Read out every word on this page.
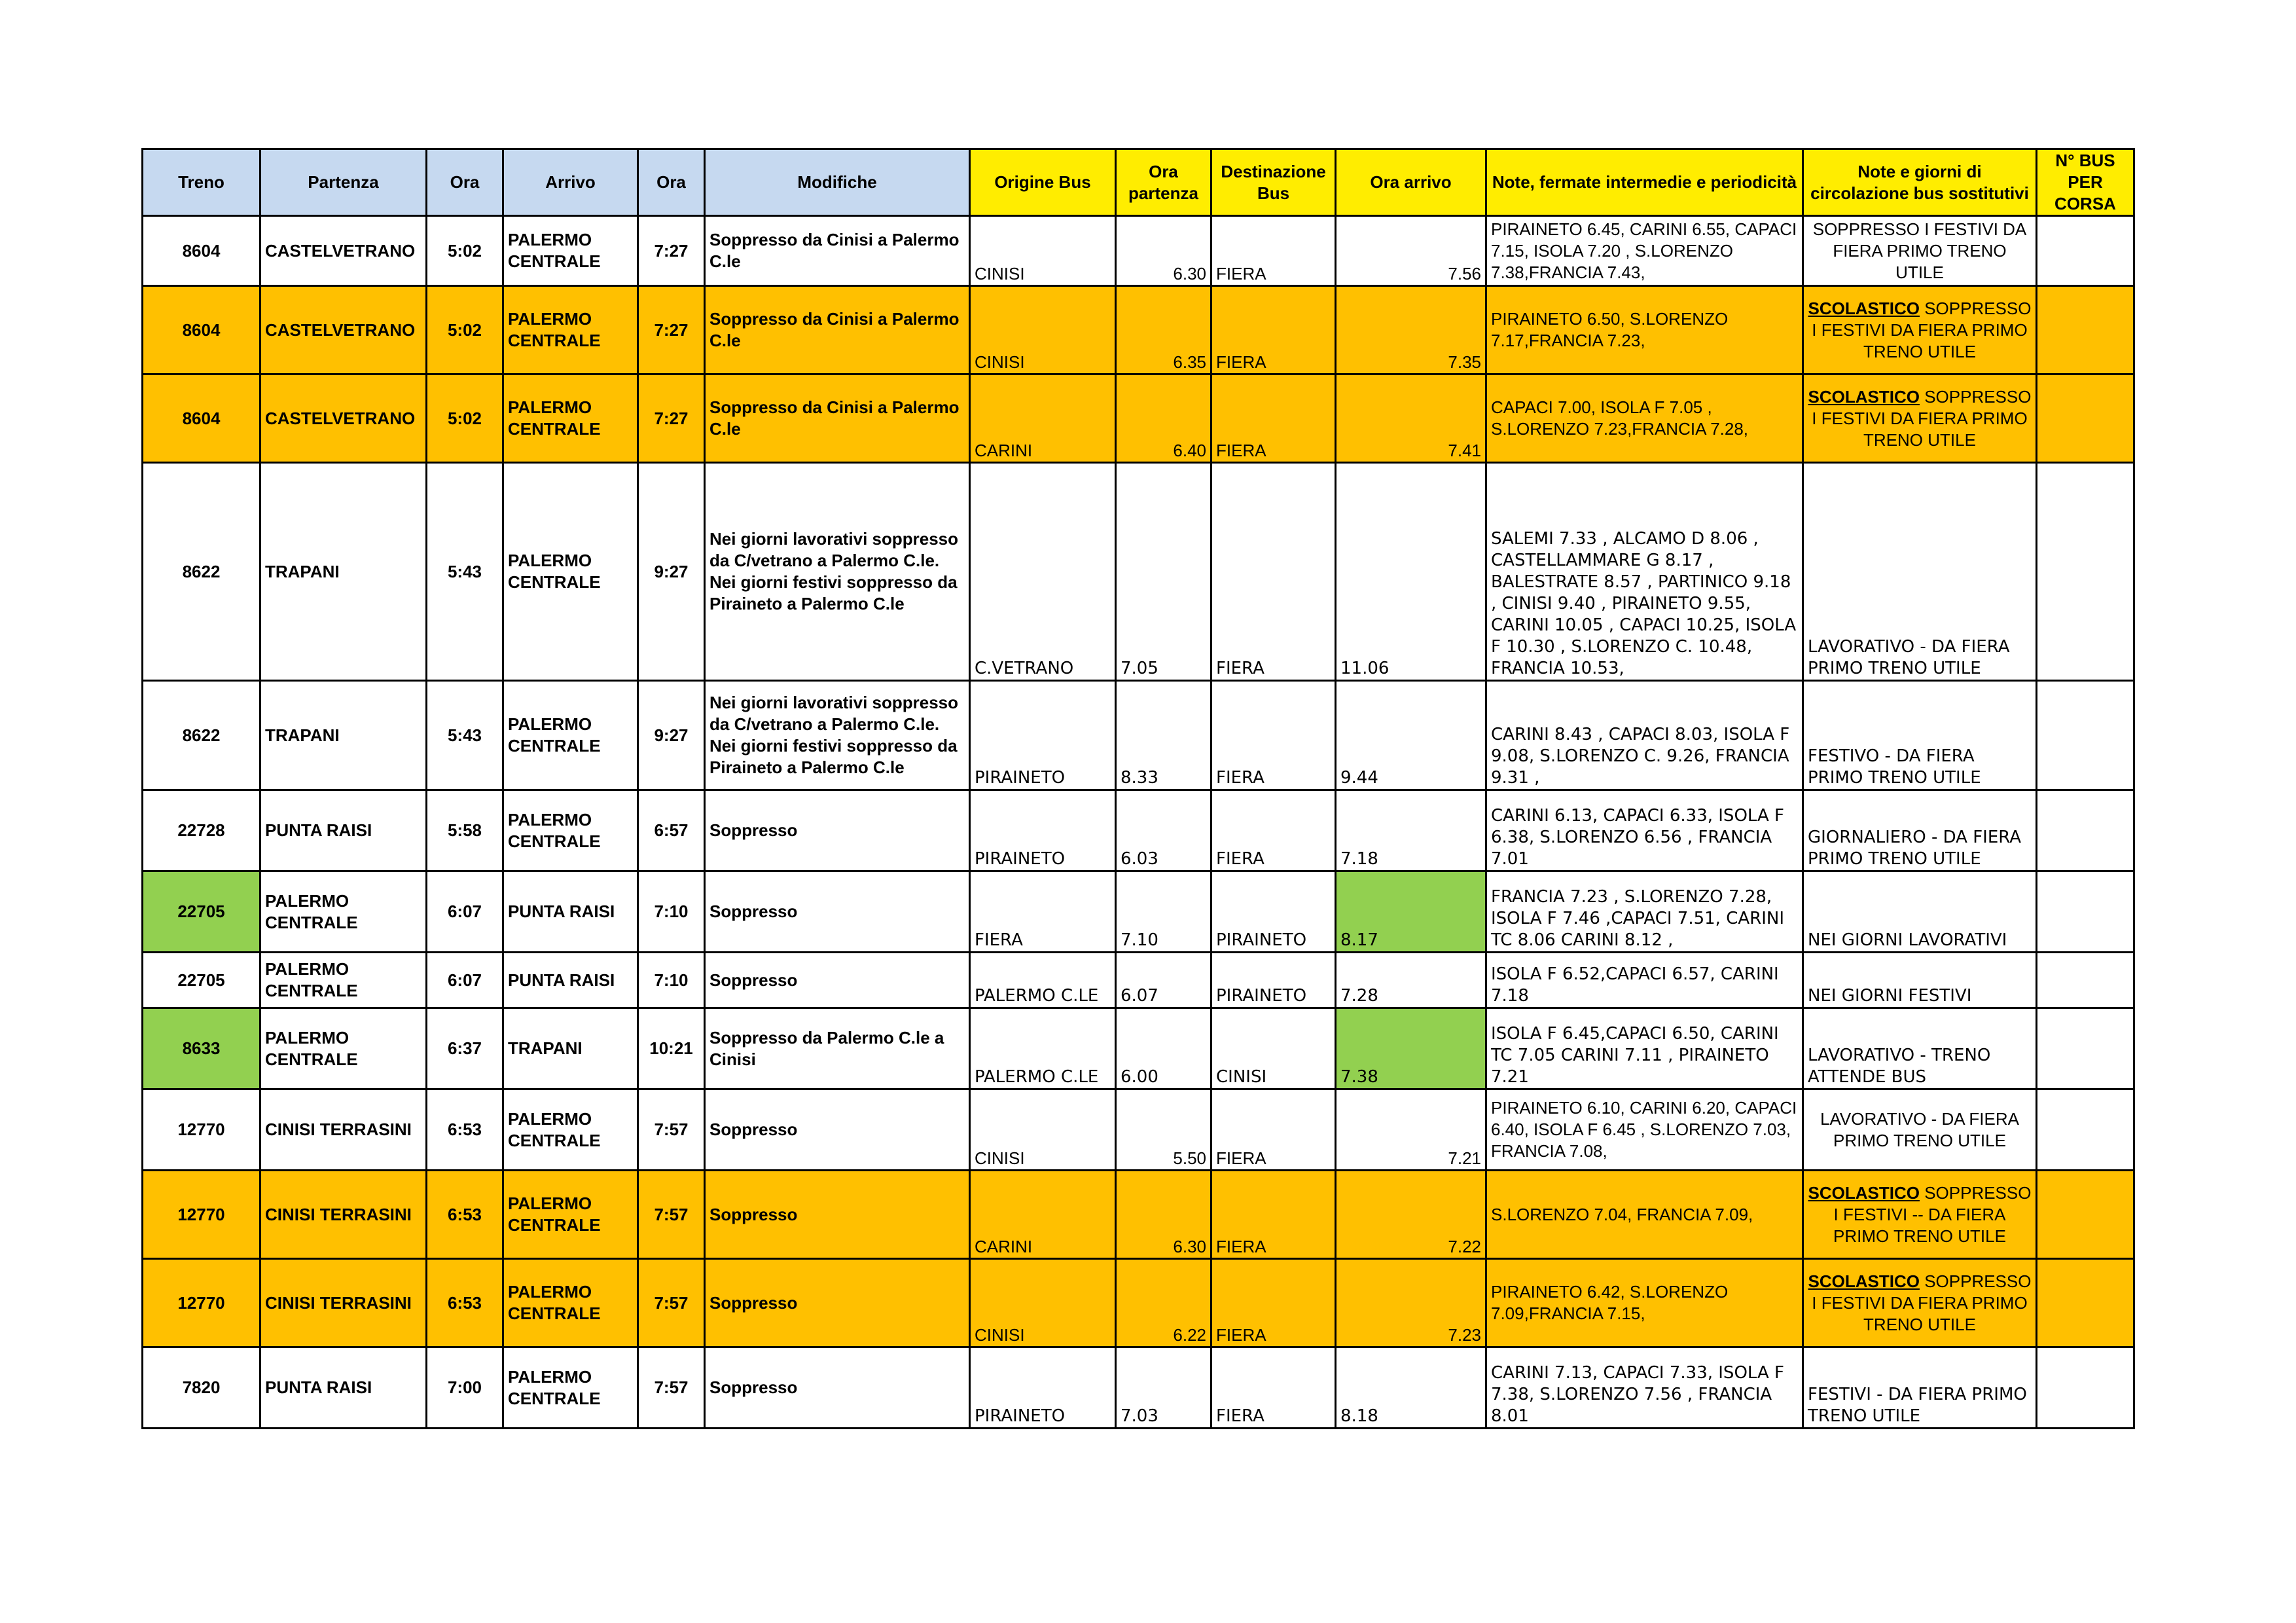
Treno	Partenza	Ora	Arrivo	Ora	Modifiche	Origine Bus	Ora partenza	Destinazione Bus	Ora arrivo	Note, fermate intermedie e periodicità	Note e giorni di circolazione bus sostitutivi	N° BUS PER CORSA
8604	CASTELVETRANO	5:02	PALERMO CENTRALE	7:27	Soppresso da Cinisi a Palermo C.le	CINISI	6.30	FIERA	7.56	PIRAINETO 6.45, CARINI 6.55, CAPACI 7.15, ISOLA 7.20 , S.LORENZO 7.38,FRANCIA 7.43,	SOPPRESSO I FESTIVI DA FIERA PRIMO TRENO UTILE	
8604	CASTELVETRANO	5:02	PALERMO CENTRALE	7:27	Soppresso da Cinisi a Palermo C.le	CINISI	6.35	FIERA	7.35	PIRAINETO 6.50, S.LORENZO 7.17,FRANCIA 7.23,	SCOLASTICO SOPPRESSO I FESTIVI DA FIERA PRIMO TRENO UTILE	
8604	CASTELVETRANO	5:02	PALERMO CENTRALE	7:27	Soppresso da Cinisi a Palermo C.le	CARINI	6.40	FIERA	7.41	CAPACI 7.00, ISOLA F 7.05 , S.LORENZO 7.23,FRANCIA 7.28,	SCOLASTICO SOPPRESSO I FESTIVI DA FIERA PRIMO TRENO UTILE	
8622	TRAPANI	5:43	PALERMO CENTRALE	9:27	Nei giorni lavorativi soppresso da C/vetrano a Palermo C.le. Nei giorni festivi soppresso da Piraineto a Palermo C.le	C.VETRANO	7.05	FIERA	11.06	SALEMI 7.33 , ALCAMO D 8.06 , CASTELLAMMARE G 8.17 , BALESTRATE 8.57 , PARTINICO 9.18 , CINISI 9.40 , PIRAINETO 9.55, CARINI 10.05 , CAPACI 10.25, ISOLA F 10.30 , S.LORENZO C. 10.48, FRANCIA 10.53,	LAVORATIVO - DA FIERA PRIMO TRENO UTILE	
8622	TRAPANI	5:43	PALERMO CENTRALE	9:27	Nei giorni lavorativi soppresso da C/vetrano a Palermo C.le. Nei giorni festivi soppresso da Piraineto a Palermo C.le	PIRAINETO	8.33	FIERA	9.44	CARINI 8.43 , CAPACI 8.03, ISOLA F 9.08, S.LORENZO C. 9.26, FRANCIA 9.31 ,	FESTIVO - DA FIERA PRIMO TRENO UTILE	
22728	PUNTA RAISI	5:58	PALERMO CENTRALE	6:57	Soppresso	PIRAINETO	6.03	FIERA	7.18	CARINI 6.13, CAPACI 6.33, ISOLA F 6.38, S.LORENZO 6.56 , FRANCIA 7.01	GIORNALIERO - DA FIERA PRIMO TRENO UTILE	
22705	PALERMO CENTRALE	6:07	PUNTA RAISI	7:10	Soppresso	FIERA	7.10	PIRAINETO	8.17	FRANCIA 7.23 , S.LORENZO 7.28, ISOLA F 7.46 ,CAPACI 7.51, CARINI TC 8.06 CARINI 8.12 ,	NEI GIORNI LAVORATIVI	
22705	PALERMO CENTRALE	6:07	PUNTA RAISI	7:10	Soppresso	PALERMO C.LE	6.07	PIRAINETO	7.28	ISOLA F 6.52,CAPACI 6.57, CARINI 7.18	NEI GIORNI FESTIVI	
8633	PALERMO CENTRALE	6:37	TRAPANI	10:21	Soppresso da Palermo C.le a Cinisi	PALERMO C.LE	6.00	CINISI	7.38	ISOLA F 6.45,CAPACI 6.50, CARINI TC 7.05 CARINI 7.11 , PIRAINETO 7.21	LAVORATIVO - TRENO ATTENDE BUS	
12770	CINISI TERRASINI	6:53	PALERMO CENTRALE	7:57	Soppresso	CINISI	5.50	FIERA	7.21	PIRAINETO 6.10, CARINI 6.20, CAPACI 6.40, ISOLA F 6.45 , S.LORENZO 7.03, FRANCIA 7.08,	LAVORATIVO - DA FIERA PRIMO TRENO UTILE	
12770	CINISI TERRASINI	6:53	PALERMO CENTRALE	7:57	Soppresso	CARINI	6.30	FIERA	7.22	S.LORENZO 7.04, FRANCIA 7.09,	SCOLASTICO SOPPRESSO I FESTIVI -- DA FIERA PRIMO TRENO UTILE	
12770	CINISI TERRASINI	6:53	PALERMO CENTRALE	7:57	Soppresso	CINISI	6.22	FIERA	7.23	PIRAINETO 6.42, S.LORENZO 7.09,FRANCIA 7.15,	SCOLASTICO SOPPRESSO I FESTIVI DA FIERA PRIMO TRENO UTILE	
7820	PUNTA RAISI	7:00	PALERMO CENTRALE	7:57	Soppresso	PIRAINETO	7.03	FIERA	8.18	CARINI 7.13, CAPACI 7.33, ISOLA F 7.38, S.LORENZO 7.56 , FRANCIA 8.01	FESTIVI - DA FIERA PRIMO TRENO UTILE	
